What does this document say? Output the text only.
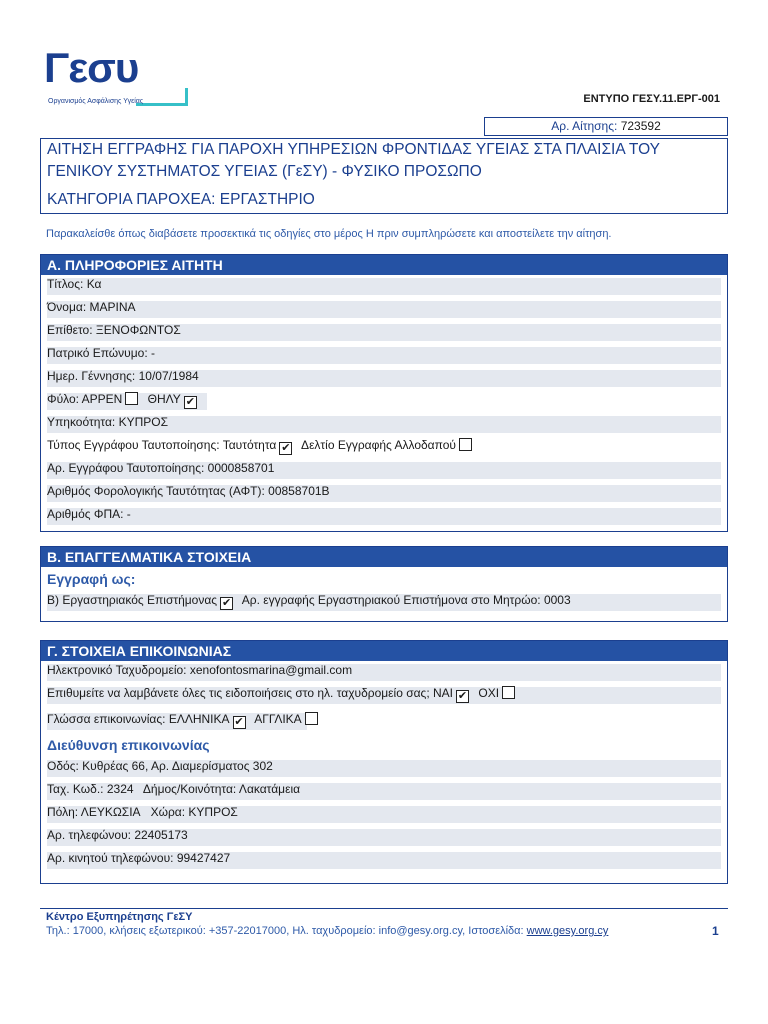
Γεσυ
Οργανισμός Ασφάλισης Υγείας	ΕΝΤΥΠΟ ΓΕΣΥ.11.ΕΡΓ-001
Αρ. Αίτησης: 723592
ΑΙΤΗΣΗ ΕΓΓΡΑΦΗΣ ΓΙΑ ΠΑΡΟΧΗ ΥΠΗΡΕΣΙΩΝ ΦΡΟΝΤΙΔΑΣ ΥΓΕΙΑΣ ΣΤΑ ΠΛΑΙΣΙΑ ΤΟΥ
ΓΕΝΙΚΟΥ ΣΥΣΤΗΜΑΤΟΣ ΥΓΕΙΑΣ (ΓεΣΥ) - ΦΥΣΙΚΟ ΠΡΟΣΩΠΟ
ΚΑΤΗΓΟΡΙΑ ΠΑΡΟΧΕΑ: ΕΡΓΑΣΤΗΡΙΟ
Παρακαλείσθε όπως διαβάσετε προσεκτικά τις οδηγίες στο μέρος Η πριν συμπληρώσετε και αποστείλετε την αίτηση.
Α. ΠΛΗΡΟΦΟΡΙΕΣ ΑΙΤΗΤΗ
Τίτλος: Κα
Όνομα: ΜΑΡΙΝΑ
Επίθετο: ΞΕΝΟΦΩΝΤΟΣ
Πατρικό Επώνυμο: -
Ημερ. Γέννησης: 10/07/1984
Φύλο: ΑΡΡΕΝ ΘΗΛΥ ✔
Υπηκοότητα: ΚΥΠΡΟΣ
Τύπος Εγγράφου Ταυτοποίησης: Ταυτότητα ✔ Δελτίο Εγγραφής Αλλοδαπού
Αρ. Εγγράφου Ταυτοποίησης: 0000858701
Αριθμός Φορολογικής Ταυτότητας (ΑΦΤ): 00858701B
Αριθμός ΦΠΑ: -
Β. ΕΠΑΓΓΕΛΜΑΤΙΚΑ ΣΤΟΙΧΕΙΑ
Εγγραφή ως:
Β) Εργαστηριακός Επιστήμονας ✔ Αρ. εγγραφής Εργαστηριακού Επιστήμονα στο Μητρώο: 0003
Γ. ΣΤΟΙΧΕΙΑ ΕΠΙΚΟΙΝΩΝΙΑΣ
Ηλεκτρονικό Ταχυδρομείο: xenofontosmarina@gmail.com
Επιθυμείτε να λαμβάνετε όλες τις ειδοποιήσεις στο ηλ. ταχυδρομείο σας; ΝΑΙ ✔ ΟΧΙ
Γλώσσα επικοινωνίας: ΕΛΛΗΝΙΚΑ ✔ ΑΓΓΛΙΚΑ
Διεύθυνση επικοινωνίας
Οδός: Κυθρέας 66, Αρ. Διαμερίσματος 302
Ταχ. Κωδ.: 2324 Δήμος/Κοινότητα: Λακατάμεια
Πόλη: ΛΕΥΚΩΣΙΑ Χώρα: ΚΥΠΡΟΣ
Αρ. τηλεφώνου: 22405173
Αρ. κινητού τηλεφώνου: 99427427
Κέντρο Εξυπηρέτησης ΓεΣΥ
Τηλ.: 17000, κλήσεις εξωτερικού: +357-22017000, Ηλ. ταχυδρομείο: info@gesy.org.cy, Ιστοσελίδα: www.gesy.org.cy	1
